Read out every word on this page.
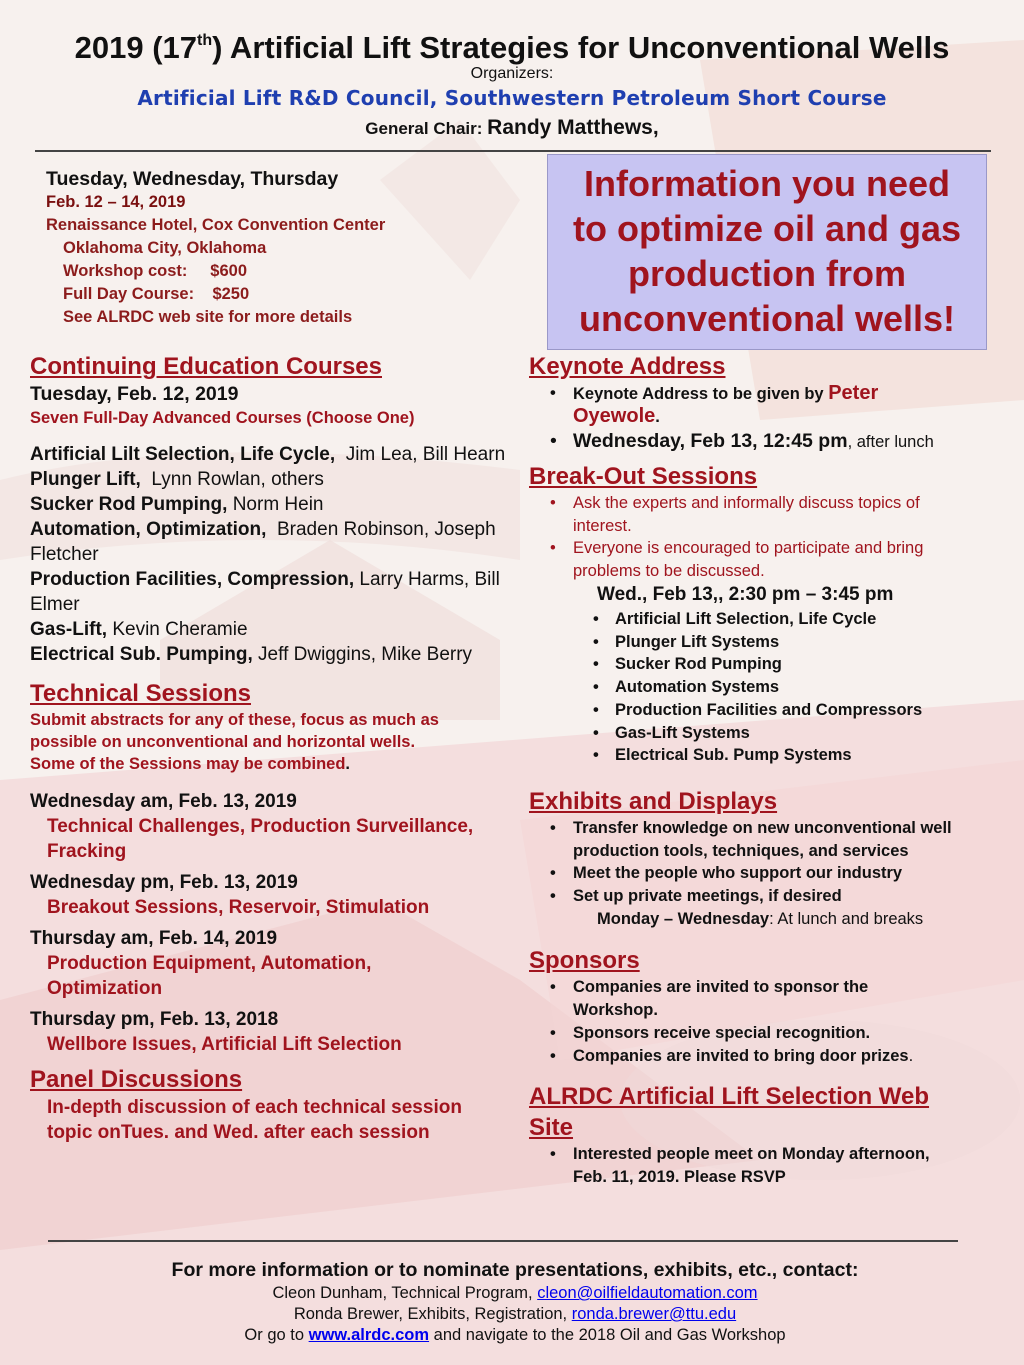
2019 (17th) Artificial Lift Strategies for Unconventional Wells
Organizers:
Artificial Lift R&D Council, Southwestern Petroleum Short Course
General Chair: Randy Matthews,
Tuesday, Wednesday, Thursday
Feb. 12 – 14, 2019
Renaissance Hotel, Cox Convention Center
Oklahoma City, Oklahoma
Workshop cost:     $600
Full Day Course:    $250
See ALRDC web site for more details
Information you need
to optimize oil and gas
production from
unconventional wells!
Continuing Education Courses
Tuesday, Feb. 12, 2019
Seven Full-Day Advanced Courses (Choose One)
Artificial Lilt Selection, Life Cycle,  Jim Lea, Bill Hearn
Plunger Lift,  Lynn Rowlan, others
Sucker Rod Pumping, Norm Hein
Automation, Optimization,  Braden Robinson, Joseph Fletcher
Production Facilities, Compression, Larry Harms, Bill Elmer
Gas-Lift, Kevin Cheramie
Electrical Sub. Pumping, Jeff Dwiggins, Mike Berry
Technical Sessions
Submit abstracts for any of these, focus as much as
possible on unconventional and horizontal wells.
Some of the Sessions may be combined.
Wednesday am, Feb. 13, 2019
Technical Challenges, Production Surveillance, Fracking
Wednesday pm, Feb. 13, 2019
Breakout Sessions, Reservoir, Stimulation
Thursday am, Feb. 14, 2019
Production Equipment, Automation, Optimization
Thursday pm, Feb. 13, 2018
Wellbore Issues, Artificial Lift Selection
Panel Discussions
In-depth discussion of each technical session
topic onTues. and Wed. after each session
Keynote Address
• Keynote Address to be given by Peter
Oyewole.
• Wednesday, Feb 13, 12:45 pm, after lunch
Break-Out Sessions
• Ask the experts and informally discuss topics of
interest.
• Everyone is encouraged to participate and bring
problems to be discussed.
Wed., Feb 13,, 2:30 pm – 3:45 pm
• Artificial Lift Selection, Life Cycle
• Plunger Lift Systems
• Sucker Rod Pumping
• Automation Systems
• Production Facilities and Compressors
• Gas-Lift Systems
• Electrical Sub. Pump Systems
Exhibits and Displays
• Transfer knowledge on new unconventional well
production tools, techniques, and services
• Meet the people who support our industry
• Set up private meetings, if desired
Monday – Wednesday: At lunch and breaks
Sponsors
• Companies are invited to sponsor the
Workshop.
• Sponsors receive special recognition.
• Companies are invited to bring door prizes.
ALRDC Artificial Lift Selection Web
Site
• Interested people meet on Monday afternoon,
Feb. 11, 2019. Please RSVP
For more information or to nominate presentations, exhibits, etc., contact:
Cleon Dunham, Technical Program, cleon@oilfieldautomation.com
Ronda Brewer, Exhibits, Registration, ronda.brewer@ttu.edu
Or go to www.alrdc.com and navigate to the 2018 Oil and Gas Workshop
